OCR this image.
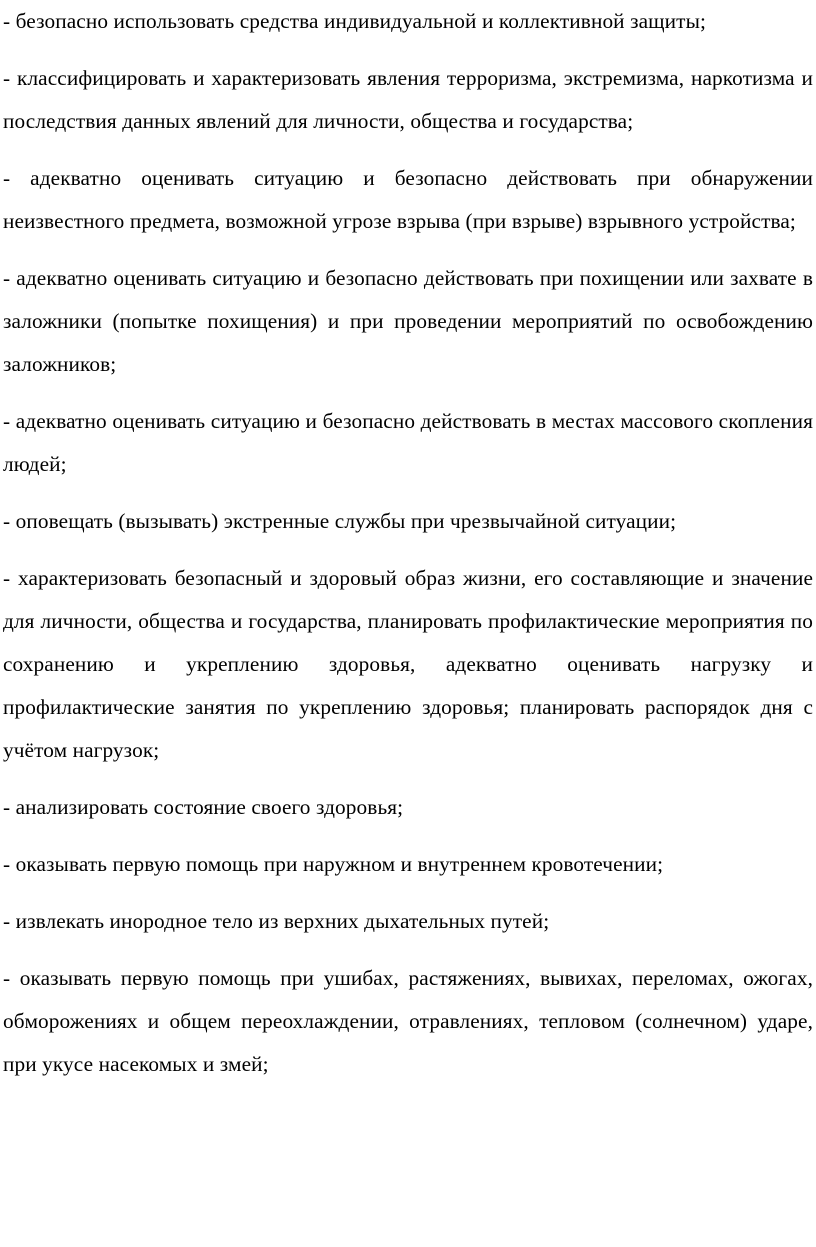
- безопасно использовать средства индивидуальной и коллективной защиты;

- классифицировать и характеризовать явления терроризма, экстремизма, наркотизма и последствия данных явлений для личности, общества и государства;

- адекватно оценивать ситуацию и безопасно действовать при обнаружении неизвестного предмета, возможной угрозе взрыва (при взрыве) взрывного устройства;

- адекватно оценивать ситуацию и безопасно действовать при похищении или захвате в заложники (попытке похищения) и при проведении мероприятий по освобождению заложников;

- адекватно оценивать ситуацию и безопасно действовать в местах массового скопления людей;

- оповещать (вызывать) экстренные службы при чрезвычайной ситуации;

- характеризовать безопасный и здоровый образ жизни, его составляющие и значение для личности, общества и государства, планировать профилактические мероприятия по сохранению и укреплению здоровья, адекватно оценивать нагрузку и профилактические занятия по укреплению здоровья; планировать распорядок дня с учётом нагрузок;

- анализировать состояние своего здоровья;

- оказывать первую помощь при наружном и внутреннем кровотечении;

- извлекать инородное тело из верхних дыхательных путей;

- оказывать первую помощь при ушибах, растяжениях, вывихах, переломах, ожогах, обморожениях и общем переохлаждении, отравлениях, тепловом (солнечном) ударе, при укусе насекомых и змей;
